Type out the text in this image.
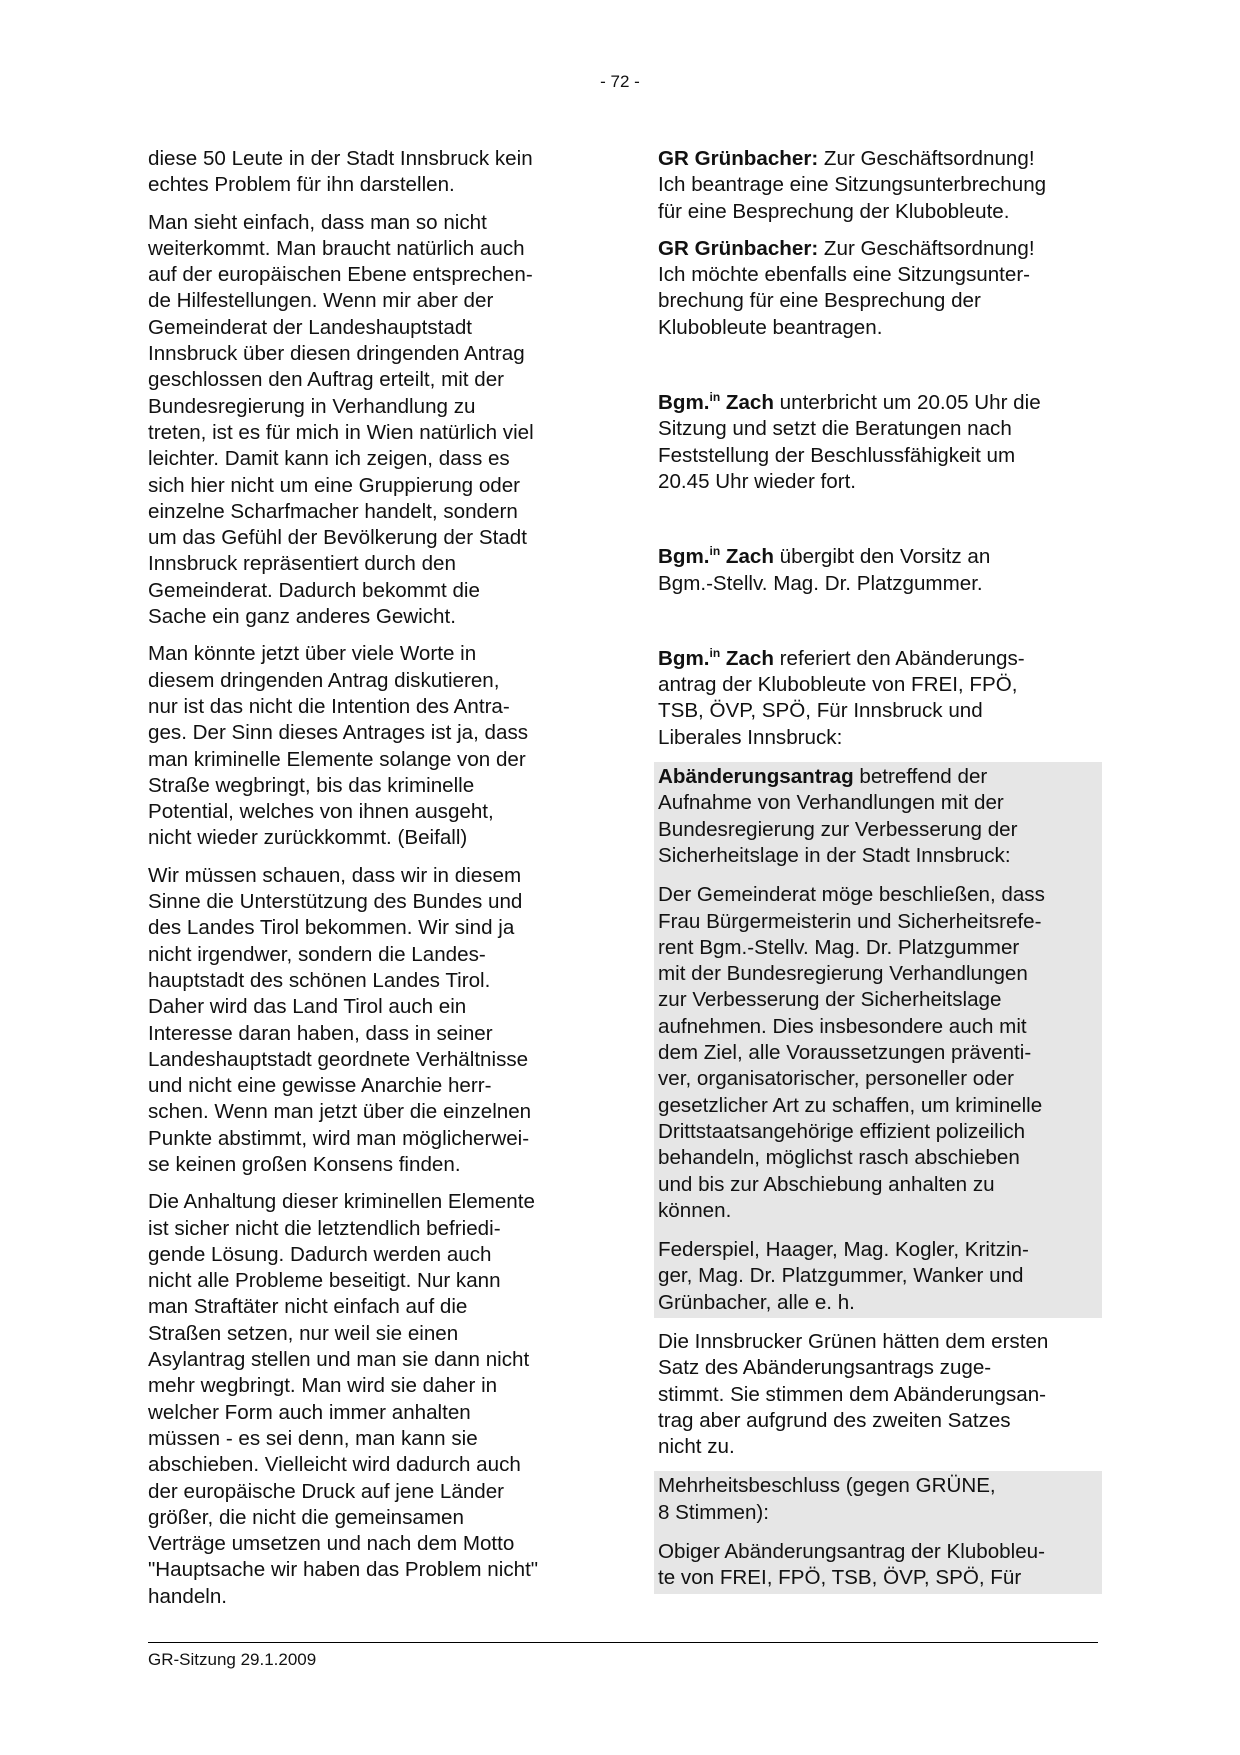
- 72 -
diese 50 Leute in der Stadt Innsbruck kein
echtes Problem für ihn darstellen.
Man sieht einfach, dass man so nicht
weiterkommt. Man braucht natürlich auch
auf der europäischen Ebene entsprechen-
de Hilfestellungen. Wenn mir aber der
Gemeinderat der Landeshauptstadt
Innsbruck über diesen dringenden Antrag
geschlossen den Auftrag erteilt, mit der
Bundesregierung in Verhandlung zu
treten, ist es für mich in Wien natürlich viel
leichter. Damit kann ich zeigen, dass es
sich hier nicht um eine Gruppierung oder
einzelne Scharfmacher handelt, sondern
um das Gefühl der Bevölkerung der Stadt
Innsbruck repräsentiert durch den
Gemeinderat. Dadurch bekommt die
Sache ein ganz anderes Gewicht.
Man könnte jetzt über viele Worte in
diesem dringenden Antrag diskutieren,
nur ist das nicht die Intention des Antra-
ges. Der Sinn dieses Antrages ist ja, dass
man kriminelle Elemente solange von der
Straße wegbringt, bis das kriminelle
Potential, welches von ihnen ausgeht,
nicht wieder zurückkommt. (Beifall)
Wir müssen schauen, dass wir in diesem
Sinne die Unterstützung des Bundes und
des Landes Tirol bekommen. Wir sind ja
nicht irgendwer, sondern die Landes-
hauptstadt des schönen Landes Tirol.
Daher wird das Land Tirol auch ein
Interesse daran haben, dass in seiner
Landeshauptstadt geordnete Verhältnisse
und nicht eine gewisse Anarchie herr-
schen. Wenn man jetzt über die einzelnen
Punkte abstimmt, wird man möglicherwei-
se keinen großen Konsens finden.
Die Anhaltung dieser kriminellen Elemente
ist sicher nicht die letztendlich befriedi-
gende Lösung. Dadurch werden auch
nicht alle Probleme beseitigt. Nur kann
man Straftäter nicht einfach auf die
Straßen setzen, nur weil sie einen
Asylantrag stellen und man sie dann nicht
mehr wegbringt. Man wird sie daher in
welcher Form auch immer anhalten
müssen - es sei denn, man kann sie
abschieben. Vielleicht wird dadurch auch
der europäische Druck auf jene Länder
größer, die nicht die gemeinsamen
Verträge umsetzen und nach dem Motto
"Hauptsache wir haben das Problem nicht"
handeln.
GR Grünbacher: Zur Geschäftsordnung!
Ich beantrage eine Sitzungsunterbrechung
für eine Besprechung der Klubobleute.
GR Grünbacher: Zur Geschäftsordnung!
Ich möchte ebenfalls eine Sitzungsunter-
brechung für eine Besprechung der
Klubobleute beantragen.
Bgm.$^{in}$ Zach unterbricht um 20.05 Uhr die
Sitzung und setzt die Beratungen nach
Feststellung der Beschlussfähigkeit um
20.45 Uhr wieder fort.
Bgm.$^{in}$ Zach übergibt den Vorsitz an
Bgm.-Stellv. Mag. Dr. Platzgummer.
Bgm.$^{in}$ Zach referiert den Abänderungs-
antrag der Klubobleute von FREI, FPÖ,
TSB, ÖVP, SPÖ, Für Innsbruck und
Liberales Innsbruck:
Abänderungsantrag betreffend der
Aufnahme von Verhandlungen mit der
Bundesregierung zur Verbesserung der
Sicherheitslage in der Stadt Innsbruck:
Der Gemeinderat möge beschließen, dass
Frau Bürgermeisterin und Sicherheitsrefe-
rent Bgm.-Stellv. Mag. Dr. Platzgummer
mit der Bundesregierung Verhandlungen
zur Verbesserung der Sicherheitslage
aufnehmen. Dies insbesondere auch mit
dem Ziel, alle Voraussetzungen präventi-
ver, organisatorischer, personeller oder
gesetzlicher Art zu schaffen, um kriminelle
Drittstaatsangehörige effizient polizeilich
behandeln, möglichst rasch abschieben
und bis zur Abschiebung anhalten zu
können.
Federspiel, Haager, Mag. Kogler, Kritzin-
ger, Mag. Dr. Platzgummer, Wanker und
Grünbacher, alle e. h.
Die Innsbrucker Grünen hätten dem ersten
Satz des Abänderungsantrags zuge-
stimmt. Sie stimmen dem Abänderungsan-
trag aber aufgrund des zweiten Satzes
nicht zu.
Mehrheitsbeschluss (gegen GRÜNE,
8 Stimmen):
Obiger Abänderungsantrag der Klubobleu-
te von FREI, FPÖ, TSB, ÖVP, SPÖ, Für
GR-Sitzung 29.1.2009
